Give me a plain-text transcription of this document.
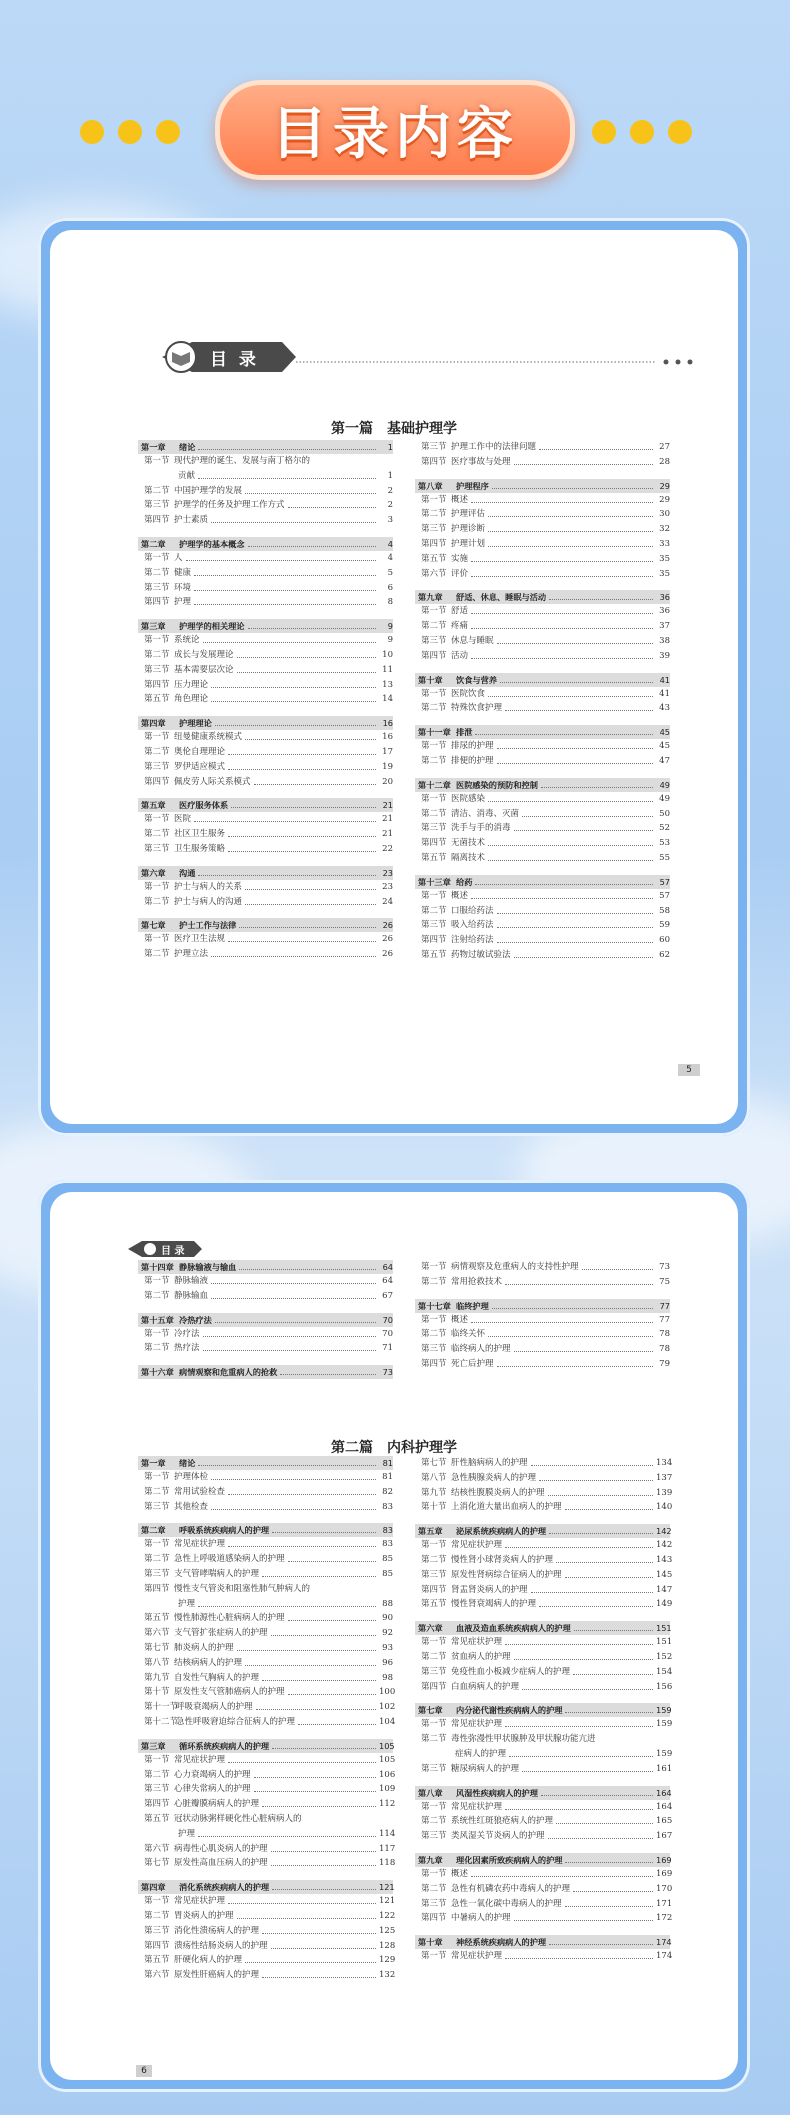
目录内容
目 录
第一篇　基础护理学
第一章	绪论	1
第一节 现代护理的诞生、发展与南丁格尔的
贡献	1
第二节 中国护理学的发展	2
第三节 护理学的任务及护理工作方式	2
第四节 护士素质	3
第二章	护理学的基本概念	4
第一节 人	4
第二节 健康	5
第三节 环境	6
第四节 护理	8
第三章	护理学的相关理论	9
第一节 系统论	9
第二节 成长与发展理论	10
第三节 基本需要层次论	11
第四节 压力理论	13
第五节 角色理论	14
第四章	护理理论	16
第一节 纽曼健康系统模式	16
第二节 奥伦自理理论	17
第三节 罗伊适应模式	19
第四节 佩皮劳人际关系模式	20
第五章	医疗服务体系	21
第一节 医院	21
第二节 社区卫生服务	21
第三节 卫生服务策略	22
第六章	沟通	23
第一节 护士与病人的关系	23
第二节 护士与病人的沟通	24
第七章	护士工作与法律	26
第一节 医疗卫生法规	26
第二节 护理立法	26
第三节 护理工作中的法律问题	27
第四节 医疗事故与处理	28
第八章	护理程序	29
第一节 概述	29
第二节 护理评估	30
第三节 护理诊断	32
第四节 护理计划	33
第五节 实施	35
第六节 评价	35
第九章	舒适、休息、睡眠与活动	36
第一节 舒适	36
第二节 疼痛	37
第三节 休息与睡眠	38
第四节 活动	39
第十章	饮食与营养	41
第一节 医院饮食	41
第二节 特殊饮食护理	43
第十一章 排泄	45
第一节 排尿的护理	45
第二节 排便的护理	47
第十二章 医院感染的预防和控制	49
第一节 医院感染	49
第二节 清洁、消毒、灭菌	50
第三节 洗手与手的消毒	52
第四节 无菌技术	53
第五节 隔离技术	55
第十三章 给药	57
第一节 概述	57
第二节 口服给药法	58
第三节 吸入给药法	59
第四节 注射给药法	60
第五节 药物过敏试验法	62
5
目 录
第十四章 静脉输液与输血	64
第一节 静脉输液	64
第二节 静脉输血	67
第十五章 冷热疗法	70
第一节 冷疗法	70
第二节 热疗法	71
第十六章 病情观察和危重病人的抢救	73
第一节 病情观察及危重病人的支持性护理	73
第二节 常用抢救技术	75
第十七章 临终护理	77
第一节 概述	77
第二节 临终关怀	78
第三节 临终病人的护理	78
第四节 死亡后护理	79
第二篇　内科护理学
第一章	绪论	81
第一节 护理体检	81
第二节 常用试验检查	82
第三节 其他检查	83
第二章	呼吸系统疾病病人的护理	83
第一节 常见症状护理	83
第二节 急性上呼吸道感染病人的护理	85
第三节 支气管哮喘病人的护理	85
第四节 慢性支气管炎和阻塞性肺气肿病人的
护理	88
第五节 慢性肺源性心脏病病人的护理	90
第六节 支气管扩张症病人的护理	92
第七节 肺炎病人的护理	93
第八节 结核病病人的护理	96
第九节 自发性气胸病人的护理	98
第十节 原发性支气管肺癌病人的护理	100
第十一节
呼吸衰竭病人的护理	102
第十二节
急性呼吸窘迫综合征病人的护理	104
第三章	循环系统疾病病人的护理	105
第一节 常见症状护理	105
第二节 心力衰竭病人的护理	106
第三节 心律失常病人的护理	109
第四节 心脏瓣膜病病人的护理	112
第五节 冠状动脉粥样硬化性心脏病病人的
护理	114
第六节 病毒性心肌炎病人的护理	117
第七节 原发性高血压病人的护理	118
第四章	消化系统疾病病人的护理	121
第一节 常见症状护理	121
第二节 胃炎病人的护理	122
第三节 消化性溃疡病人的护理	125
第四节 溃疡性结肠炎病人的护理	128
第五节 肝硬化病人的护理	129
第六节 原发性肝癌病人的护理	132
第七节 肝性脑病病人的护理	134
第八节 急性胰腺炎病人的护理	137
第九节 结核性腹膜炎病人的护理	139
第十节 上消化道大量出血病人的护理	140
第五章	泌尿系统疾病病人的护理	142
第一节 常见症状护理	142
第二节 慢性肾小球肾炎病人的护理	143
第三节 原发性肾病综合征病人的护理	145
第四节 肾盂肾炎病人的护理	147
第五节 慢性肾衰竭病人的护理	149
第六章	血液及造血系统疾病病人的护理	151
第一节 常见症状护理	151
第二节 贫血病人的护理	152
第三节 免疫性血小板减少症病人的护理	154
第四节 白血病病人的护理	156
第七章	内分泌代谢性疾病病人的护理	159
第一节 常见症状护理	159
第二节 毒性弥漫性甲状腺肿及甲状腺功能亢进
症病人的护理	159
第三节 糖尿病病人的护理	161
第八章	风湿性疾病病人的护理	164
第一节 常见症状护理	164
第二节 系统性红斑狼疮病人的护理	165
第三节 类风湿关节炎病人的护理	167
第九章	理化因素所致疾病病人的护理	169
第一节 概述	169
第二节 急性有机磷农药中毒病人的护理	170
第三节 急性一氧化碳中毒病人的护理	171
第四节 中暑病人的护理	172
第十章	神经系统疾病病人的护理	174
第一节 常见症状护理	174
6
